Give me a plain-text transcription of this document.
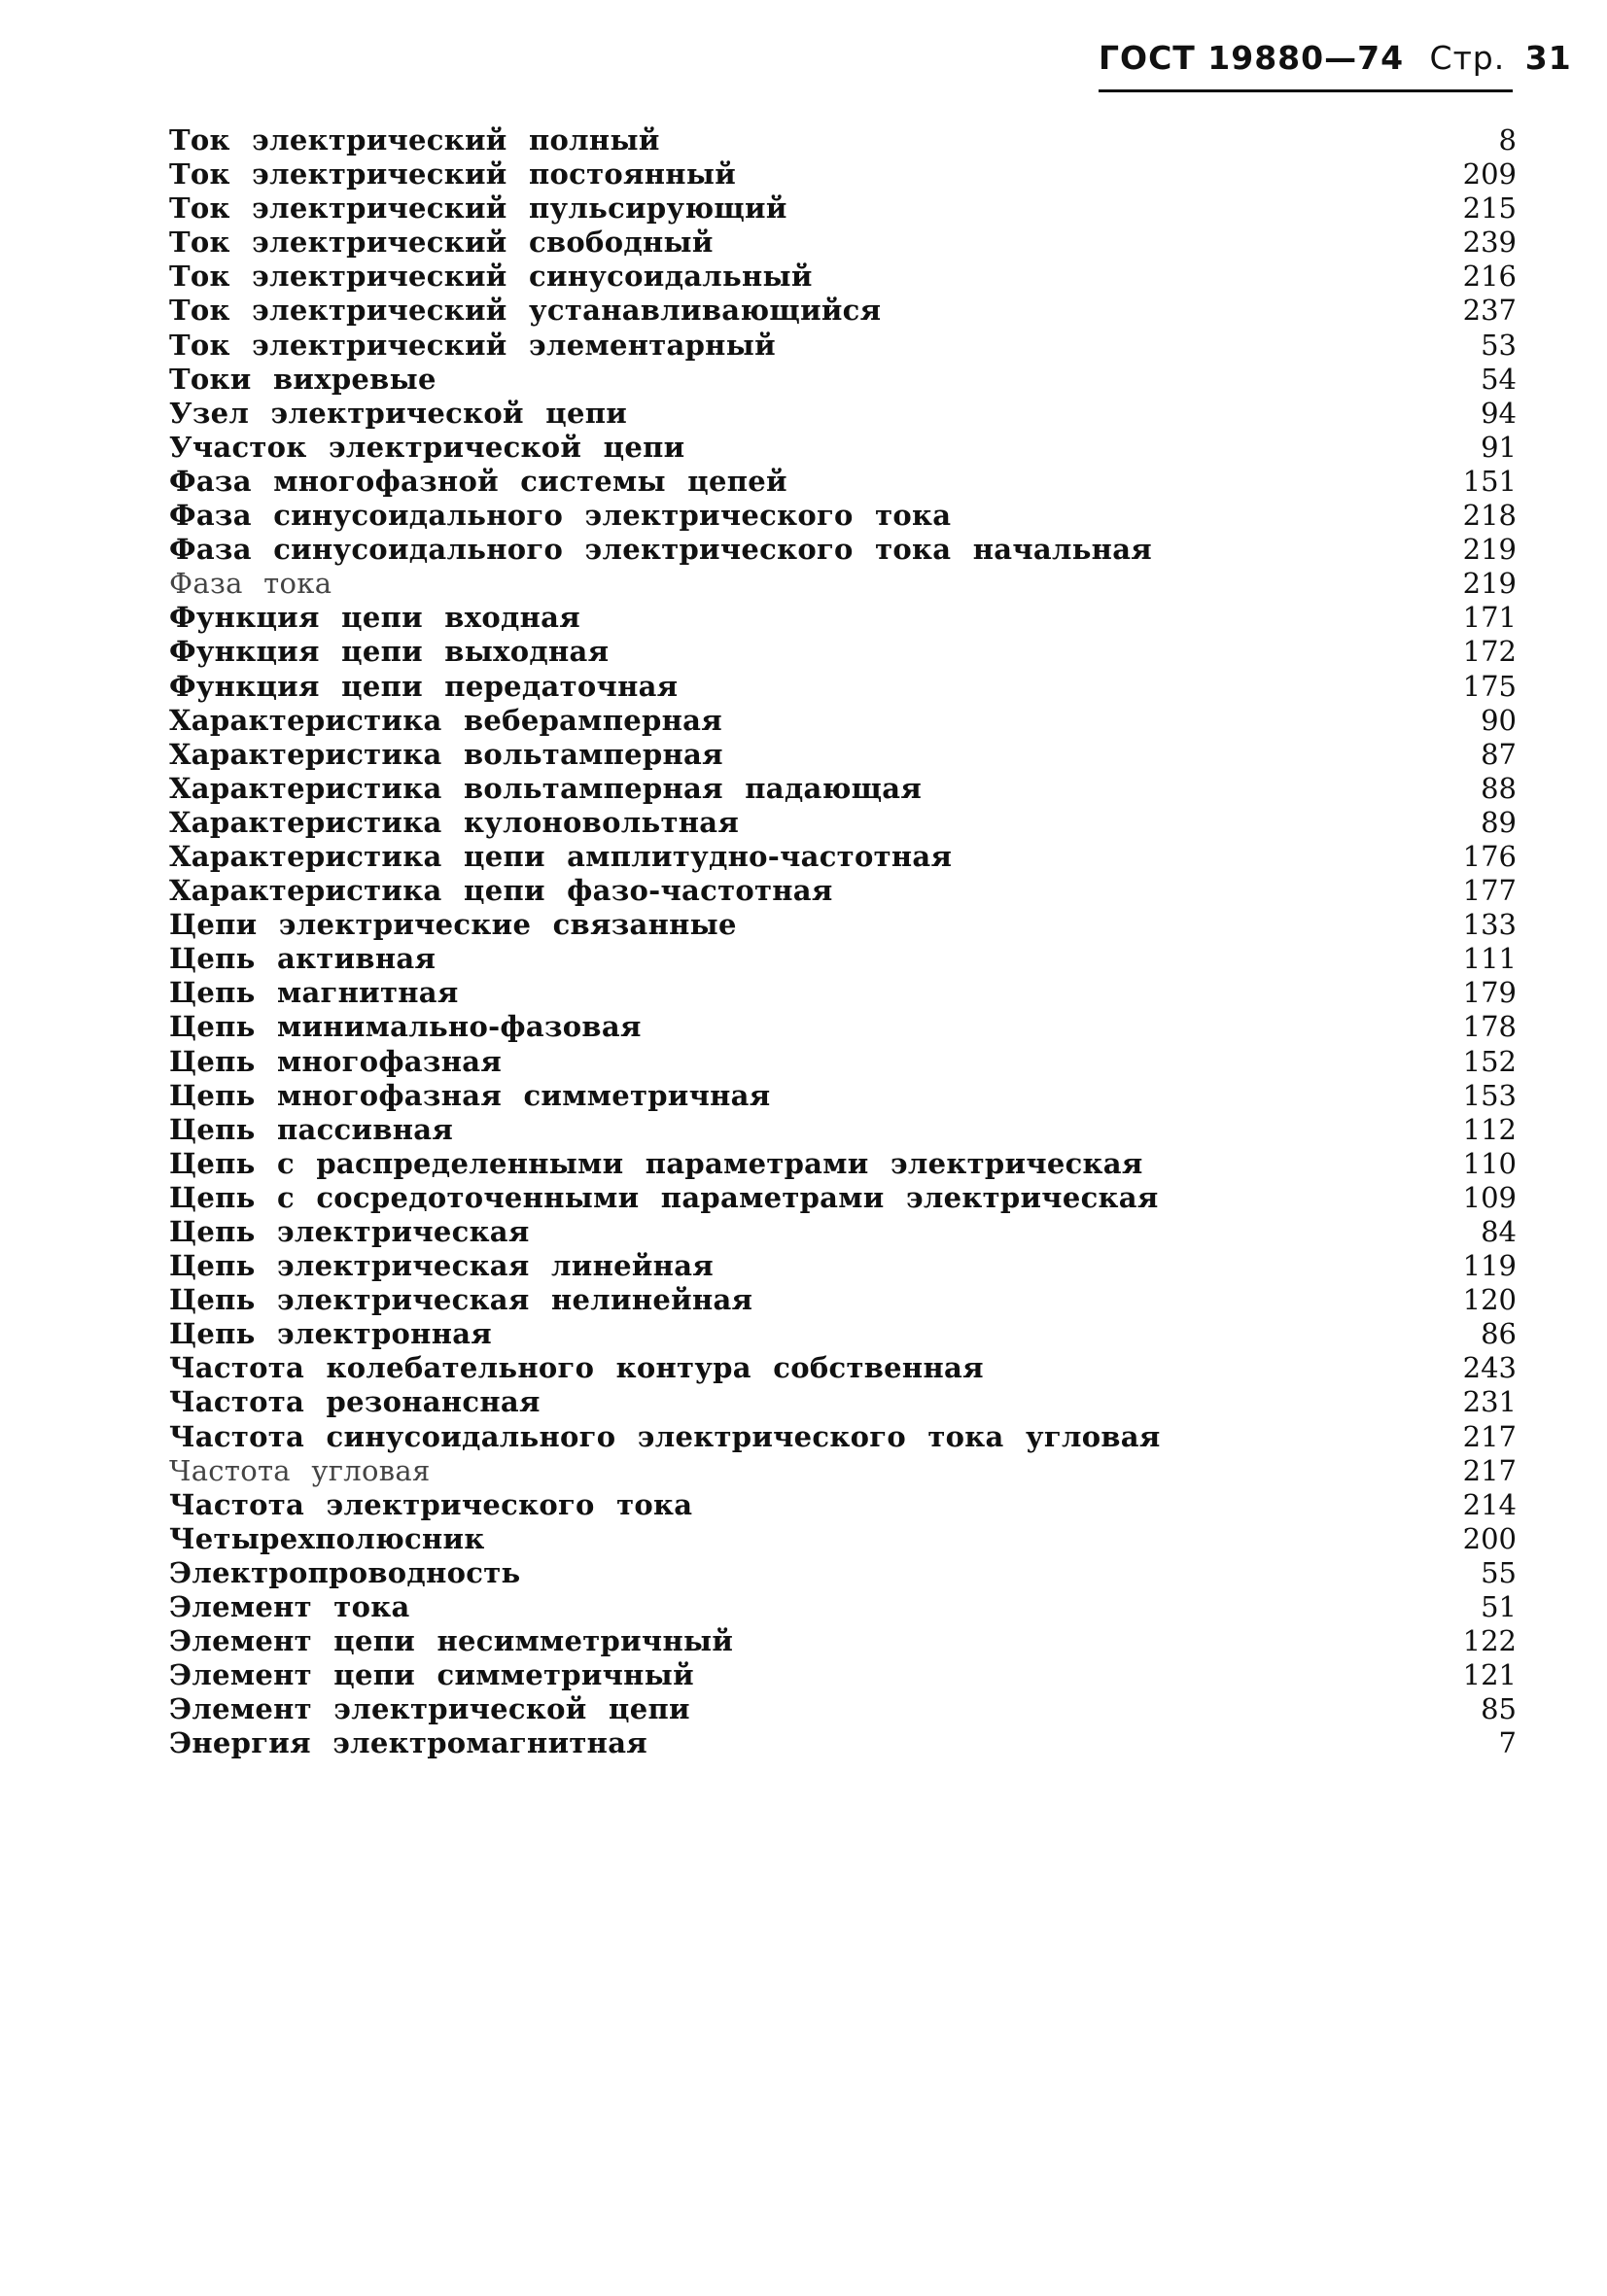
ГОСТ 19880—74 Стр. 31
Ток электрический полный	8
Ток электрический постоянный	209
Ток электрический пульсирующий	215
Ток электрический свободный	239
Ток электрический синусоидальный	216
Ток электрический устанавливающийся	237
Ток электрический элементарный	53
Токи вихревые	54
Узел электрической цепи	94
Участок электрической цепи	91
Фаза многофазной системы цепей	151
Фаза синусоидального электрического тока	218
Фаза синусоидального электрического тока начальная	219
Фаза тока	219
Функция цепи входная	171
Функция цепи выходная	172
Функция цепи передаточная	175
Характеристика веберамперная	90
Характеристика вольтамперная	87
Характеристика вольтамперная падающая	88
Характеристика кулоновольтная	89
Характеристика цепи амплитудно-частотная	176
Характеристика цепи фазо-частотная	177
Цепи электрические связанные	133
Цепь активная	111
Цепь магнитная	179
Цепь минимально-фазовая	178
Цепь многофазная	152
Цепь многофазная симметричная	153
Цепь пассивная	112
Цепь с распределенными параметрами электрическая	110
Цепь с сосредоточенными параметрами электрическая	109
Цепь электрическая	84
Цепь электрическая линейная	119
Цепь электрическая нелинейная	120
Цепь электронная	86
Частота колебательного контура собственная	243
Частота резонансная	231
Частота синусоидального электрического тока угловая	217
Частота угловая	217
Частота электрического тока	214
Четырехполюсник	200
Электропроводность	55
Элемент тока	51
Элемент цепи несимметричный	122
Элемент цепи симметричный	121
Элемент электрической цепи	85
Энергия электромагнитная	7
